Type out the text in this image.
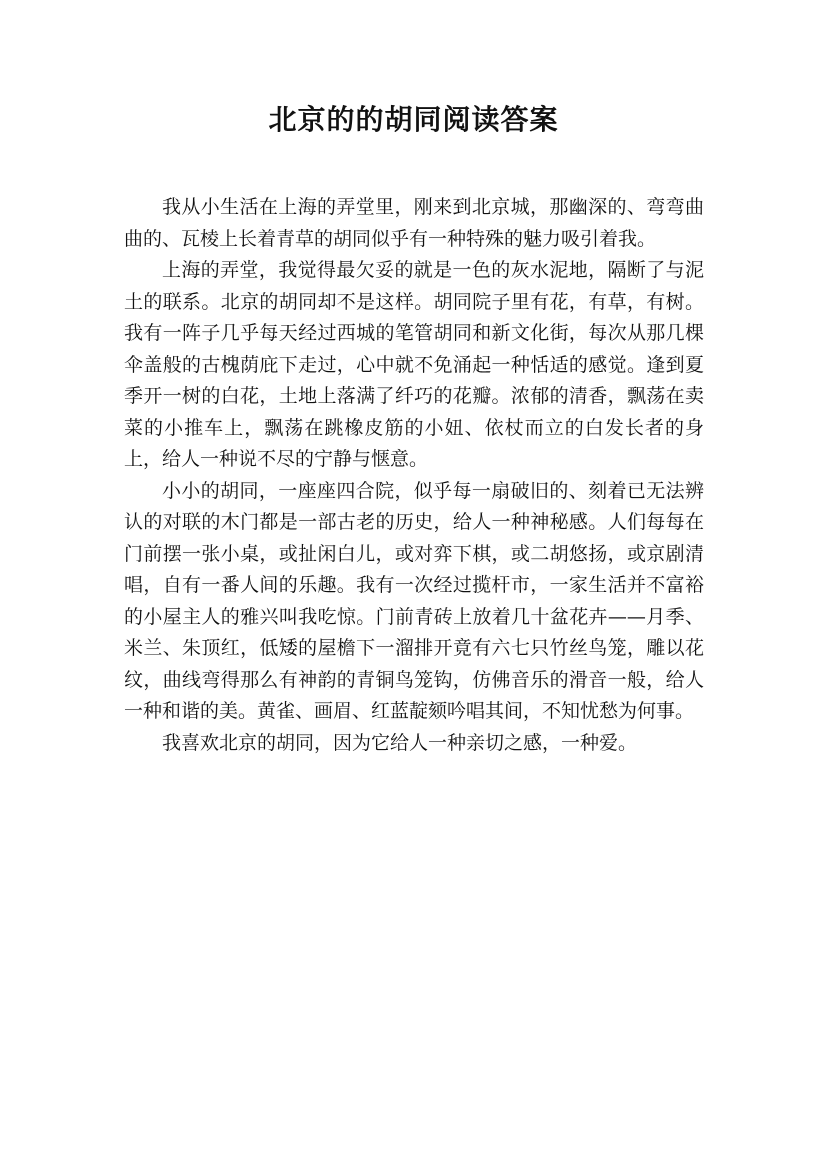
北京的的胡同阅读答案

我从小生活在上海的弄堂里，刚来到北京城，那幽深的、弯弯曲曲的、瓦棱上长着青草的胡同似乎有一种特殊的魅力吸引着我。

上海的弄堂，我觉得最欠妥的就是一色的灰水泥地，隔断了与泥土的联系。北京的胡同却不是这样。胡同院子里有花，有草，有树。我有一阵子几乎每天经过西城的笔管胡同和新文化街，每次从那几棵伞盖般的古槐荫庇下走过，心中就不免涌起一种恬适的感觉。逢到夏季开一树的白花，土地上落满了纤巧的花瓣。浓郁的清香，飘荡在卖菜的小推车上，飘荡在跳橡皮筋的小妞、依杖而立的白发长者的身上，给人一种说不尽的宁静与惬意。

小小的胡同，一座座四合院，似乎每一扇破旧的、刻着已无法辨认的对联的木门都是一部古老的历史，给人一种神秘感。人们每每在门前摆一张小桌，或扯闲白儿，或对弈下棋，或二胡悠扬，或京剧清唱，自有一番人间的乐趣。我有一次经过揽杆市，一家生活并不富裕的小屋主人的雅兴叫我吃惊。门前青砖上放着几十盆花卉——月季、米兰、朱顶红，低矮的屋檐下一溜排开竟有六七只竹丝鸟笼，雕以花纹，曲线弯得那么有神韵的青铜鸟笼钩，仿佛音乐的滑音一般，给人一种和谐的美。黄雀、画眉、红蓝靛颏吟唱其间，不知忧愁为何事。

我喜欢北京的胡同，因为它给人一种亲切之感，一种爱。
